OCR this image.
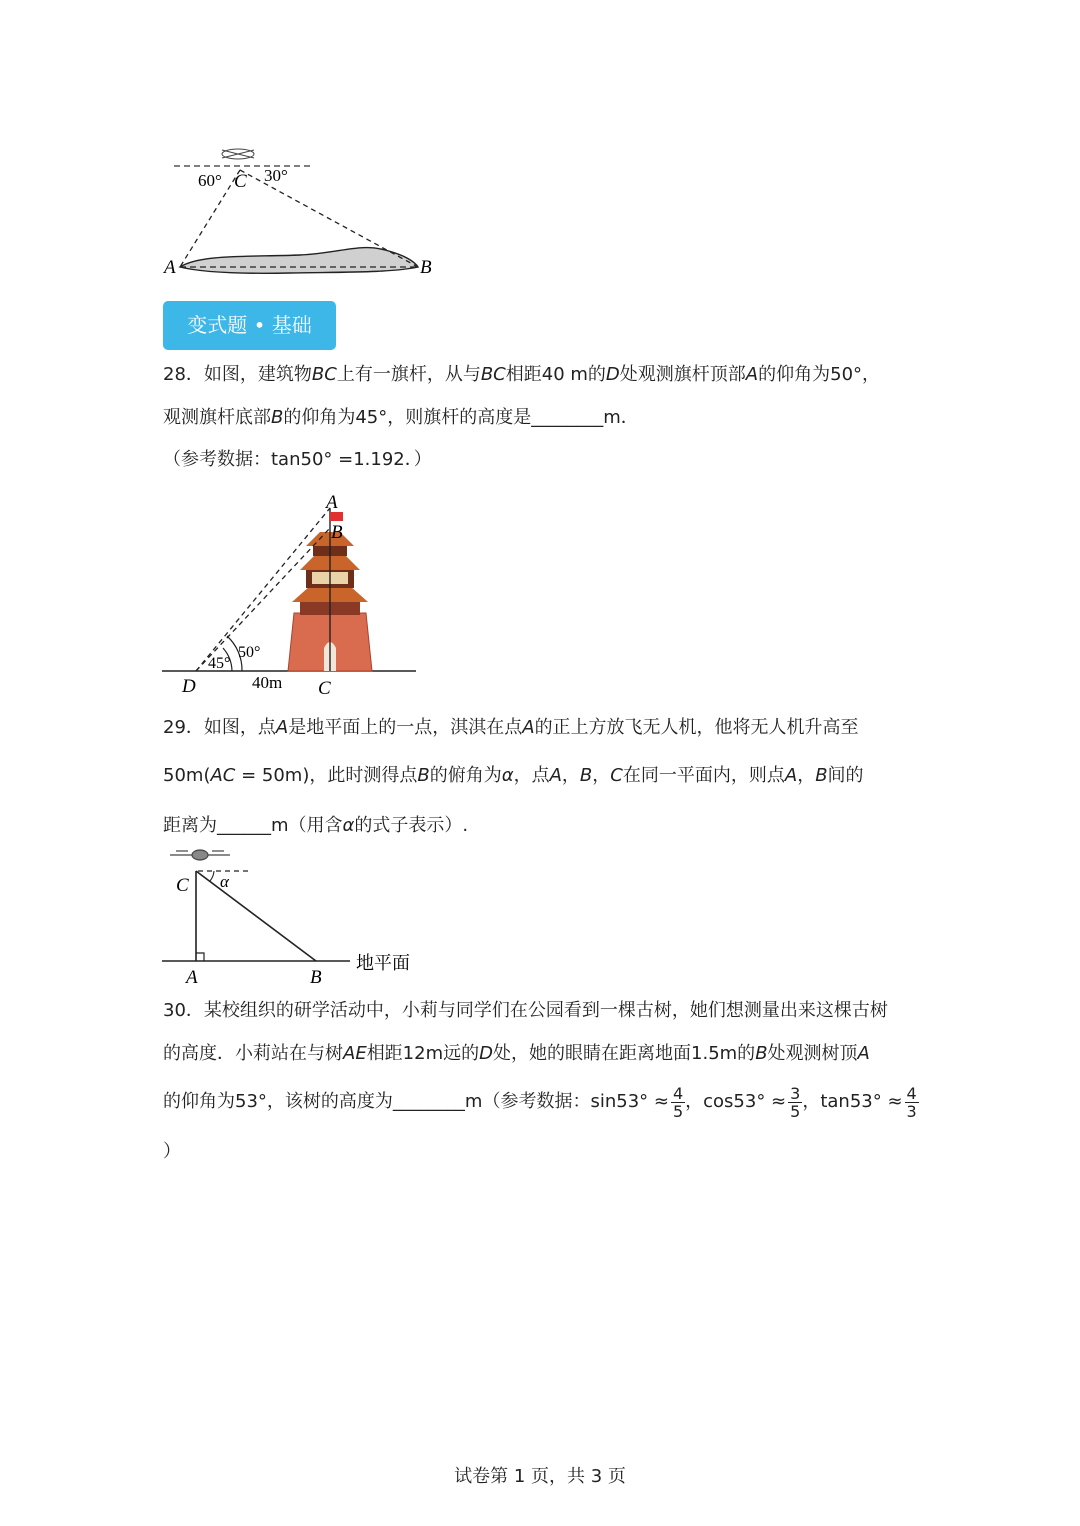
C
60° 30°
A	B
变式题 • 基础
28．如图，建筑物BC上有一旗杆，从与BC相距40 m的D处观测旗杆顶部A的仰角为50°，
观测旗杆底部B的仰角为45°，则旗杆的高度是________m．
（参考数据：tan50° =1.192．）
A
B
D	C
50°
45°
40m
29．如图，点A是地平面上的一点，淇淇在点A的正上方放飞无人机，他将无人机升高至
50m(AC = 50m)，此时测得点B的俯角为α，点A，B，C在同一平面内，则点A，B间的
距离为______m（用含α的式子表示）.
C α
A	B
地平面
30．某校组织的研学活动中，小莉与同学们在公园看到一棵古树，她们想测量出来这棵古树
的高度．小莉站在与树AE相距12m远的D处，她的眼睛在距离地面1.5m的B处观测树顶A
的仰角为53°，该树的高度为________m（参考数据：$\sin 53^\circ \approx \frac{4}{5}$ ，$\cos 53^\circ \approx \frac{3}{5}$ ，$\tan 53^\circ \approx \frac{4}{3}$
）
试卷第 1 页，共 3 页
